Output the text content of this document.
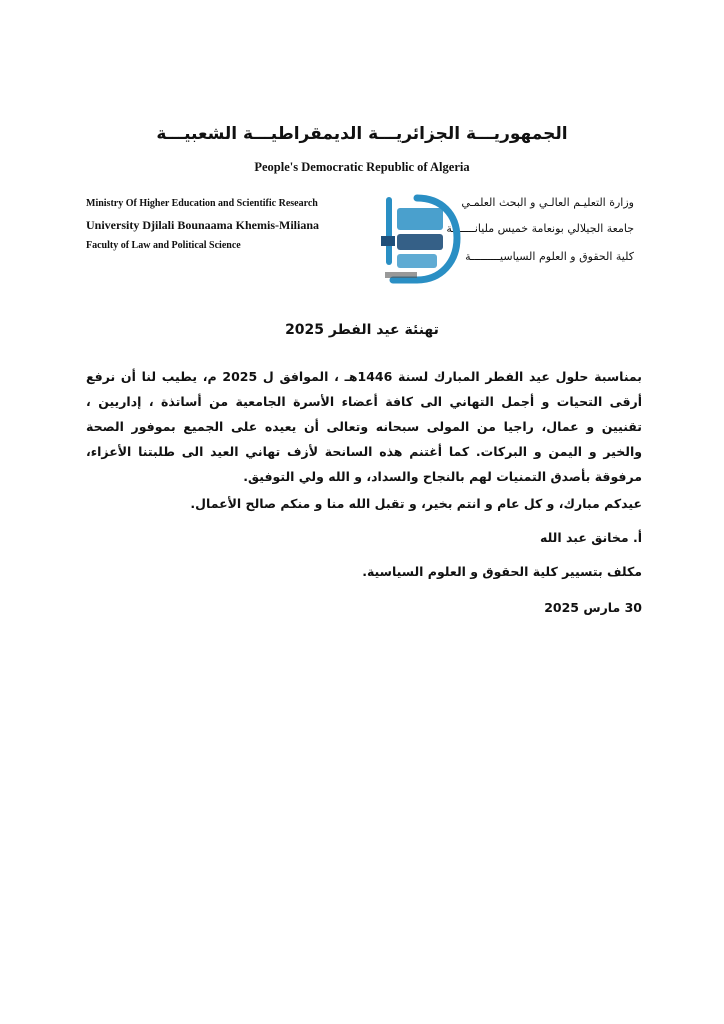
الجمهوريـــة الجزائريـــة الديمقراطيـــة الشعبيـــة
People's Democratic Republic of Algeria
Ministry Of Higher Education and Scientific Research
University Djilali Bounaama Khemis-Miliana
Faculty of Law and Political Science
وزارة التعليـم العالـي و البحث العلمـي
جامعة الجيلالي بونعامة خميس مليانـــــــة
كلية الحقوق و العلوم السياسيـــــــــة
تهنئة عيد الفطر 2025

بمناسبة حلول عيد الفطر المبارك لسنة 1446هـ ، الموافق ل 2025 م، يطيب لنا أن نرفع أرقى التحيات و أجمل التهاني الى كافة أعضاء الأسرة الجامعية من أساتذة ، إداريين ، تقنيين و عمال، راجيا من المولى سبحانه وتعالى أن يعيده على الجميع بموفور الصحة والخير و اليمن و البركات. كما أغتنم هذه السانحة لأزف تهاني العيد الى طلبتنا الأعزاء، مرفوقة بأصدق التمنيات لهم بالنجاح والسداد، و الله ولي التوفيق.

عيدكم مبارك، و كل عام و انتم بخير، و تقبل الله منا و منكم صالح الأعمال.
أ. مخانق عبد الله
مكلف بتسيير كلية الحقوق و العلوم السياسية.
30 مارس 2025
